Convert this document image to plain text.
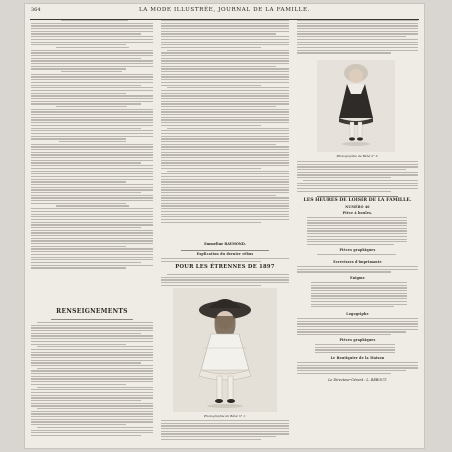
364	LA MODE ILLUSTRÉE, JOURNAL DE LA FAMILLE.
RENSEIGNEMENTS
Emmeline RAYMOND.
Explication du dernier rébus
POUR LES ÉTRENNES DE 1897
Photographie de Bébé n° 1.
Photographie de Bébé n° 2.
LES HEURES DE LOISIR DE LA FAMILLE.
NUMÉRO 46
Pièce à boules.
Pièces graphiques
Ecrevisses d'imprimante
Enigme
Logogriphe
Pièces graphiques
Le Boutiquier de la Maison
Le Directeur-Gérant : L. REBOUT.
